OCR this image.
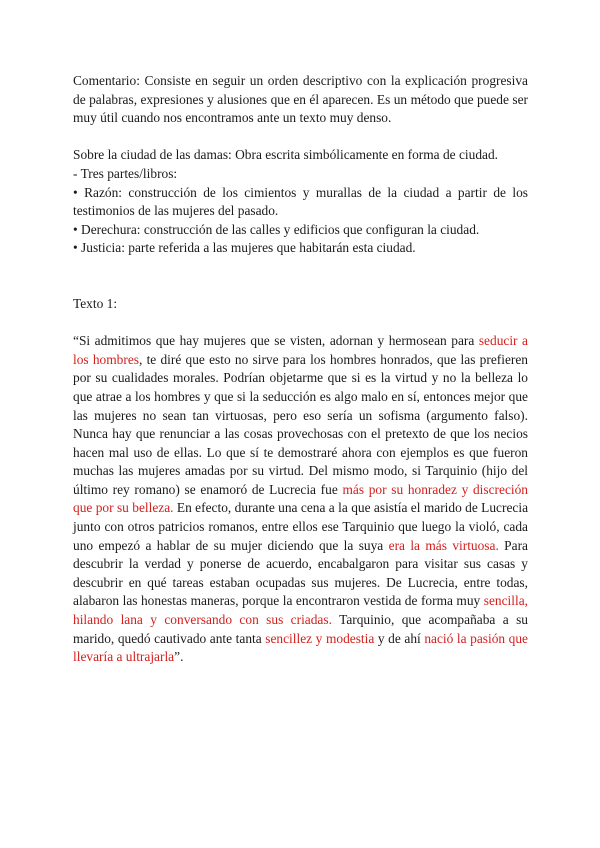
Comentario: Consiste en seguir un orden descriptivo con la explicación progresiva de palabras, expresiones y alusiones que en él aparecen. Es un método que puede ser muy útil cuando nos encontramos ante un texto muy denso.

Sobre la ciudad de las damas: Obra escrita simbólicamente en forma de ciudad.

- Tres partes/libros:

• Razón: construcción de los cimientos y murallas de la ciudad a partir de los testimonios de las mujeres del pasado.

• Derechura: construcción de las calles y edificios que configuran la ciudad.

• Justicia: parte referida a las mujeres que habitarán esta ciudad.

Texto 1:

“Si admitimos que hay mujeres que se visten, adornan y hermosean para seducir a los hombres, te diré que esto no sirve para los hombres honrados, que las prefieren por su cualidades morales. Podrían objetarme que si es la virtud y no la belleza lo que atrae a los hombres y que si la seducción es algo malo en sí, entonces mejor que las mujeres no sean tan virtuosas, pero eso sería un sofisma (argumento falso). Nunca hay que renunciar a las cosas provechosas con el pretexto de que los necios hacen mal uso de ellas. Lo que sí te demostraré ahora con ejemplos es que fueron muchas las mujeres amadas por su virtud. Del mismo modo, si Tarquinio (hijo del último rey romano) se enamoró de Lucrecia fue más por su honradez y discreción que por su belleza. En efecto, durante una cena a la que asistía el marido de Lucrecia junto con otros patricios romanos, entre ellos ese Tarquinio que luego la violó, cada uno empezó a hablar de su mujer diciendo que la suya era la más virtuosa. Para descubrir la verdad y ponerse de acuerdo, encabalgaron para visitar sus casas y descubrir en qué tareas estaban ocupadas sus mujeres. De Lucrecia, entre todas, alabaron las honestas maneras, porque la encontraron vestida de forma muy sencilla, hilando lana y conversando con sus criadas. Tarquinio, que acompañaba a su marido, quedó cautivado ante tanta sencillez y modestia y de ahí nació la pasión que llevaría a ultrajarla”.
